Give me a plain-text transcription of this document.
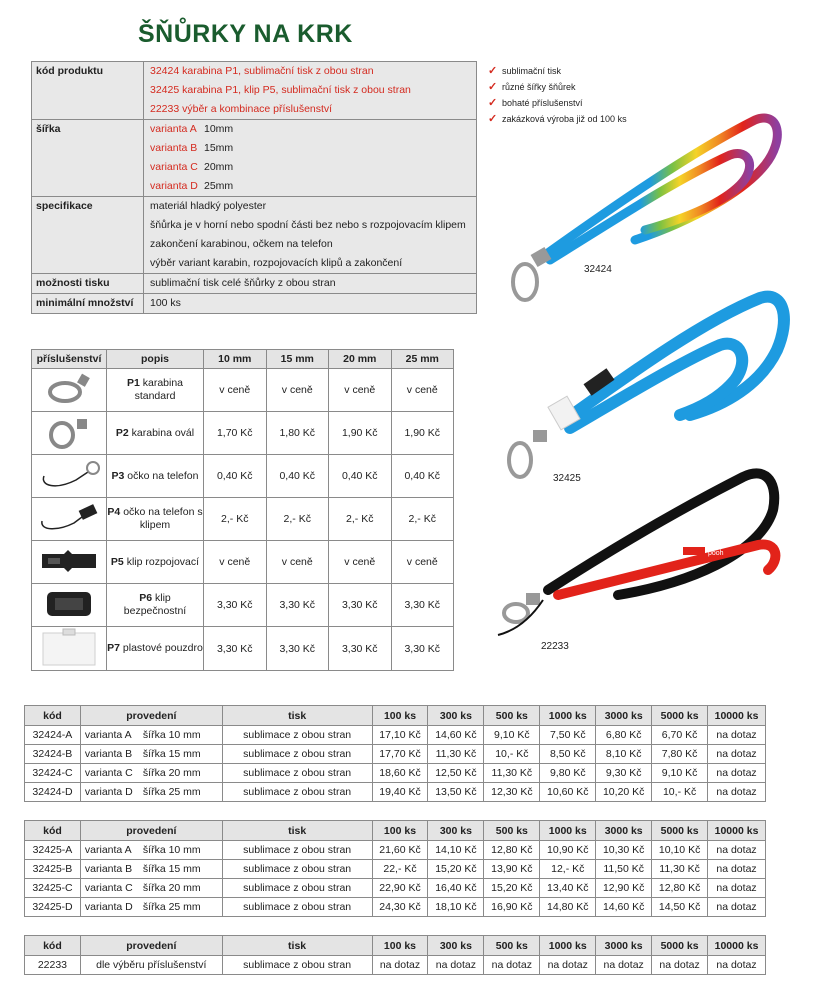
ŠŇŮRKY NA KRK
kód produktu	32424 karabina P1, sublimační tisk z obou stran
32425 karabina P1, klip P5, sublimační tisk z obou stran
22233 výběr a kombinace příslušenství
šířka	varianta A 10mm
varianta B 15mm
varianta C 20mm
varianta D 25mm
specifikace	materiál hladký polyester
šňůrka je v horní nebo spodní části bez nebo s rozpojovacím klipem
zakončení karabinou, očkem na telefon
výběr variant karabin, rozpojovacích klipů a zakončení
možnosti tisku	sublimační tisk celé šňůrky z obou stran
minimální množství	100 ks
✓ sublimační tisk
✓ různé šířky šňůrek
✓ bohaté příslušenství
✓ zakázková výroba již od 100 ks
32424
www.yourcompany.com
32425
pooh
22233
příslušenství	popis	10 mm	15 mm	20 mm	25 mm
	P1 karabina standard	v ceně	v ceně	v ceně	v ceně
	P2 karabina ovál	1,70 Kč	1,80 Kč	1,90 Kč	1,90 Kč
	P3 očko na telefon	0,40 Kč	0,40 Kč	0,40 Kč	0,40 Kč
	P4 očko na telefon s klipem	2,- Kč	2,- Kč	2,- Kč	2,- Kč
	P5 klip rozpojovací	v ceně	v ceně	v ceně	v ceně
	P6 klip bezpečnostní	3,30 Kč	3,30 Kč	3,30 Kč	3,30 Kč
	P7 plastové pouzdro	3,30 Kč	3,30 Kč	3,30 Kč	3,30 Kč
kód	provedení	tisk	100 ks	300 ks	500 ks	1000 ks	3000 ks	5000 ks	10000 ks
32424-A	varianta A šířka 10 mm	sublimace z obou stran	17,10 Kč	14,60 Kč	9,10 Kč	7,50 Kč	6,80 Kč	6,70 Kč	na dotaz
32424-B	varianta B šířka 15 mm	sublimace z obou stran	17,70 Kč	11,30 Kč	10,- Kč	8,50 Kč	8,10 Kč	7,80 Kč	na dotaz
32424-C	varianta C šířka 20 mm	sublimace z obou stran	18,60 Kč	12,50 Kč	11,30 Kč	9,80 Kč	9,30 Kč	9,10 Kč	na dotaz
32424-D	varianta D šířka 25 mm	sublimace z obou stran	19,40 Kč	13,50 Kč	12,30 Kč	10,60 Kč	10,20 Kč	10,- Kč	na dotaz
kód	provedení	tisk	100 ks	300 ks	500 ks	1000 ks	3000 ks	5000 ks	10000 ks
32425-A	varianta A šířka 10 mm	sublimace z obou stran	21,60 Kč	14,10 Kč	12,80 Kč	10,90 Kč	10,30 Kč	10,10 Kč	na dotaz
32425-B	varianta B šířka 15 mm	sublimace z obou stran	22,- Kč	15,20 Kč	13,90 Kč	12,- Kč	11,50 Kč	11,30 Kč	na dotaz
32425-C	varianta C šířka 20 mm	sublimace z obou stran	22,90 Kč	16,40 Kč	15,20 Kč	13,40 Kč	12,90 Kč	12,80 Kč	na dotaz
32425-D	varianta D šířka 25 mm	sublimace z obou stran	24,30 Kč	18,10 Kč	16,90 Kč	14,80 Kč	14,60 Kč	14,50 Kč	na dotaz
kód	provedení	tisk	100 ks	300 ks	500 ks	1000 ks	3000 ks	5000 ks	10000 ks
22233	dle výběru příslušenství	sublimace z obou stran	na dotaz	na dotaz	na dotaz	na dotaz	na dotaz	na dotaz	na dotaz
